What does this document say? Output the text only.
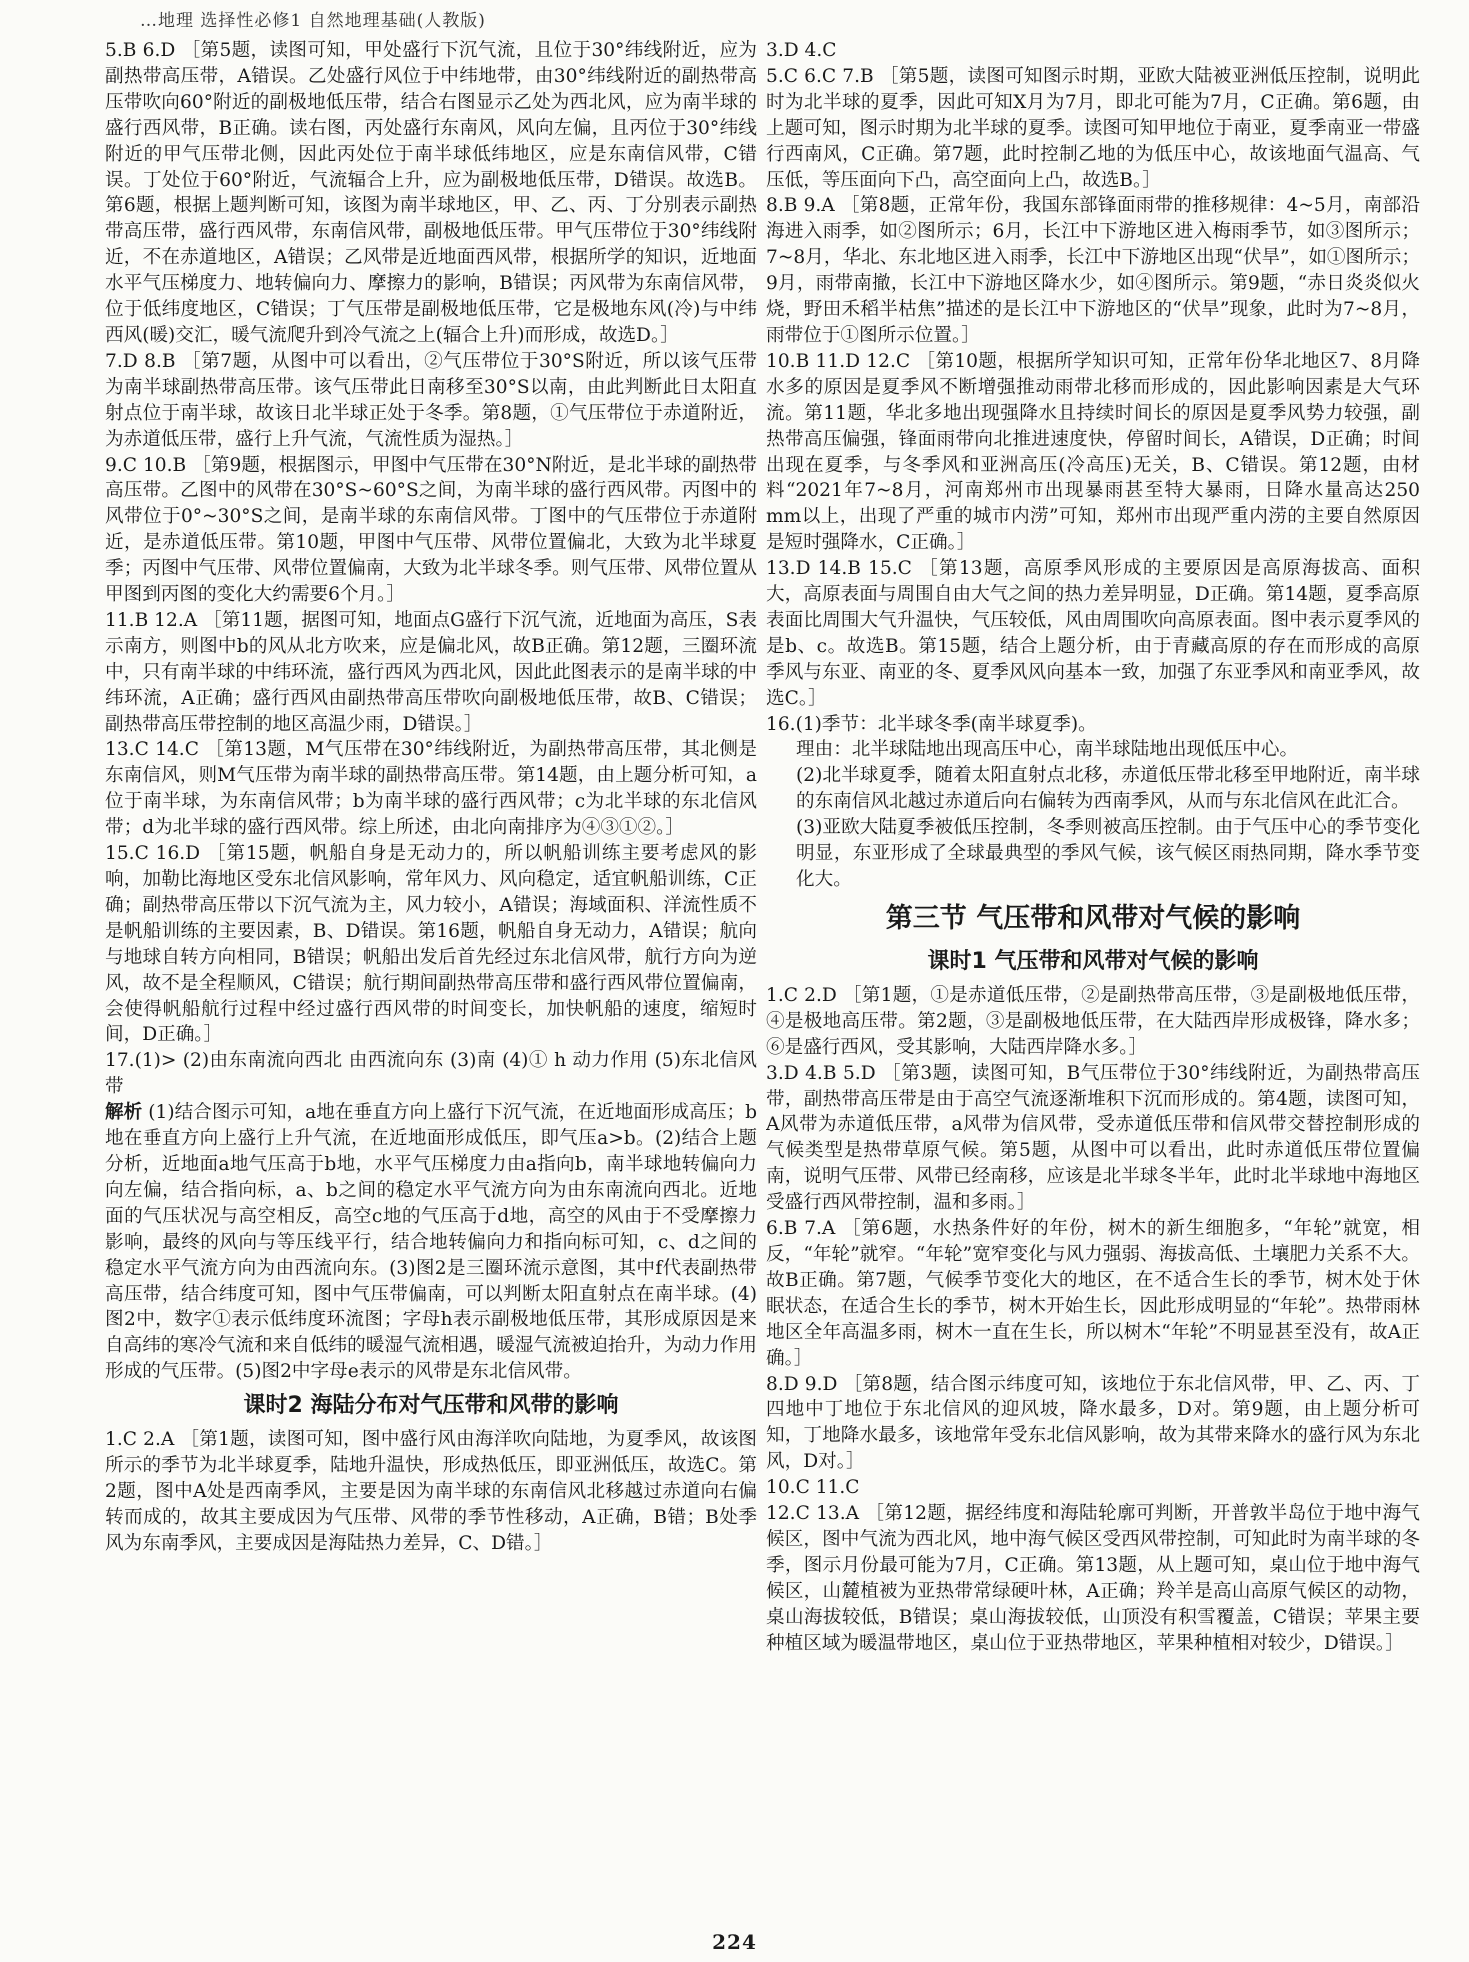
…地理 选择性必修1 自然地理基础(人教版)
5.B 6.D ［第5题，读图可知，甲处盛行下沉气流，且位于30°纬线附近，应为副热带高压带，A错误。乙处盛行风位于中纬地带，由30°纬线附近的副热带高压带吹向60°附近的副极地低压带，结合右图显示乙处为西北风，应为南半球的盛行西风带，B正确。读右图，丙处盛行东南风，风向左偏，且丙位于30°纬线附近的甲气压带北侧，因此丙处位于南半球低纬地区，应是东南信风带，C错误。丁处位于60°附近，气流辐合上升，应为副极地低压带，D错误。故选B。第6题，根据上题判断可知，该图为南半球地区，甲、乙、丙、丁分别表示副热带高压带，盛行西风带，东南信风带，副极地低压带。甲气压带位于30°纬线附近，不在赤道地区，A错误；乙风带是近地面西风带，根据所学的知识，近地面水平气压梯度力、地转偏向力、摩擦力的影响，B错误；丙风带为东南信风带，位于低纬度地区，C错误；丁气压带是副极地低压带，它是极地东风(冷)与中纬西风(暖)交汇，暖气流爬升到冷气流之上(辐合上升)而形成，故选D。］
7.D 8.B ［第7题，从图中可以看出，②气压带位于30°S附近，所以该气压带为南半球副热带高压带。该气压带此日南移至30°S以南，由此判断此日太阳直射点位于南半球，故该日北半球正处于冬季。第8题，①气压带位于赤道附近，为赤道低压带，盛行上升气流，气流性质为湿热。］
9.C 10.B ［第9题，根据图示，甲图中气压带在30°N附近，是北半球的副热带高压带。乙图中的风带在30°S~60°S之间，为南半球的盛行西风带。丙图中的风带位于0°~30°S之间，是南半球的东南信风带。丁图中的气压带位于赤道附近，是赤道低压带。第10题，甲图中气压带、风带位置偏北，大致为北半球夏季；丙图中气压带、风带位置偏南，大致为北半球冬季。则气压带、风带位置从甲图到丙图的变化大约需要6个月。］
11.B 12.A ［第11题，据图可知，地面点G盛行下沉气流，近地面为高压，S表示南方，则图中b的风从北方吹来，应是偏北风，故B正确。第12题，三圈环流中，只有南半球的中纬环流，盛行西风为西北风，因此此图表示的是南半球的中纬环流，A正确；盛行西风由副热带高压带吹向副极地低压带，故B、C错误；副热带高压带控制的地区高温少雨，D错误。］
13.C 14.C ［第13题，M气压带在30°纬线附近，为副热带高压带，其北侧是东南信风，则M气压带为南半球的副热带高压带。第14题，由上题分析可知，a位于南半球，为东南信风带；b为南半球的盛行西风带；c为北半球的东北信风带；d为北半球的盛行西风带。综上所述，由北向南排序为④③①②。］
15.C 16.D ［第15题，帆船自身是无动力的，所以帆船训练主要考虑风的影响，加勒比海地区受东北信风影响，常年风力、风向稳定，适宜帆船训练，C正确；副热带高压带以下沉气流为主，风力较小，A错误；海域面积、洋流性质不是帆船训练的主要因素，B、D错误。第16题，帆船自身无动力，A错误；航向与地球自转方向相同，B错误；帆船出发后首先经过东北信风带，航行方向为逆风，故不是全程顺风，C错误；航行期间副热带高压带和盛行西风带位置偏南，会使得帆船航行过程中经过盛行西风带的时间变长，加快帆船的速度，缩短时间，D正确。］
17.(1)> (2)由东南流向西北 由西流向东 (3)南 (4)① h 动力作用 (5)东北信风带
解析 (1)结合图示可知，a地在垂直方向上盛行下沉气流，在近地面形成高压；b地在垂直方向上盛行上升气流，在近地面形成低压，即气压a>b。(2)结合上题分析，近地面a地气压高于b地，水平气压梯度力由a指向b，南半球地转偏向力向左偏，结合指向标，a、b之间的稳定水平气流方向为由东南流向西北。近地面的气压状况与高空相反，高空c地的气压高于d地，高空的风由于不受摩擦力影响，最终的风向与等压线平行，结合地转偏向力和指向标可知，c、d之间的稳定水平气流方向为由西流向东。(3)图2是三圈环流示意图，其中f代表副热带高压带，结合纬度可知，图中气压带偏南，可以判断太阳直射点在南半球。(4)图2中，数字①表示低纬度环流图；字母h表示副极地低压带，其形成原因是来自高纬的寒冷气流和来自低纬的暖湿气流相遇，暖湿气流被迫抬升，为动力作用形成的气压带。(5)图2中字母e表示的风带是东北信风带。
课时2 海陆分布对气压带和风带的影响
1.C 2.A ［第1题，读图可知，图中盛行风由海洋吹向陆地，为夏季风，故该图所示的季节为北半球夏季，陆地升温快，形成热低压，即亚洲低压，故选C。第2题，图中A处是西南季风，主要是因为南半球的东南信风北移越过赤道向右偏转而成的，故其主要成因为气压带、风带的季节性移动，A正确，B错；B处季风为东南季风，主要成因是海陆热力差异，C、D错。］
3.D 4.C
5.C 6.C 7.B ［第5题，读图可知图示时期，亚欧大陆被亚洲低压控制，说明此时为北半球的夏季，因此可知X月为7月，即北可能为7月，C正确。第6题，由上题可知，图示时期为北半球的夏季。读图可知甲地位于南亚，夏季南亚一带盛行西南风，C正确。第7题，此时控制乙地的为低压中心，故该地面气温高、气压低，等压面向下凸，高空面向上凸，故选B。］
8.B 9.A ［第8题，正常年份，我国东部锋面雨带的推移规律：4~5月，南部沿海进入雨季，如②图所示；6月，长江中下游地区进入梅雨季节，如③图所示；7~8月，华北、东北地区进入雨季，长江中下游地区出现“伏旱”，如①图所示；9月，雨带南撤，长江中下游地区降水少，如④图所示。第9题，“赤日炎炎似火烧，野田禾稻半枯焦”描述的是长江中下游地区的“伏旱”现象，此时为7~8月，雨带位于①图所示位置。］
10.B 11.D 12.C ［第10题，根据所学知识可知，正常年份华北地区7、8月降水多的原因是夏季风不断增强推动雨带北移而形成的，因此影响因素是大气环流。第11题，华北多地出现强降水且持续时间长的原因是夏季风势力较强，副热带高压偏强，锋面雨带向北推进速度快，停留时间长，A错误，D正确；时间出现在夏季，与冬季风和亚洲高压(冷高压)无关，B、C错误。第12题，由材料“2021年7~8月，河南郑州市出现暴雨甚至特大暴雨，日降水量高达250 mm以上，出现了严重的城市内涝”可知，郑州市出现严重内涝的主要自然原因是短时强降水，C正确。］
13.D 14.B 15.C ［第13题，高原季风形成的主要原因是高原海拔高、面积大，高原表面与周围自由大气之间的热力差异明显，D正确。第14题，夏季高原表面比周围大气升温快，气压较低，风由周围吹向高原表面。图中表示夏季风的是b、c。故选B。第15题，结合上题分析，由于青藏高原的存在而形成的高原季风与东亚、南亚的冬、夏季风风向基本一致，加强了东亚季风和南亚季风，故选C。］
16.(1)季节：北半球冬季(南半球夏季)。
理由：北半球陆地出现高压中心，南半球陆地出现低压中心。
(2)北半球夏季，随着太阳直射点北移，赤道低压带北移至甲地附近，南半球的东南信风北越过赤道后向右偏转为西南季风，从而与东北信风在此汇合。
(3)亚欧大陆夏季被低压控制，冬季则被高压控制。由于气压中心的季节变化明显，东亚形成了全球最典型的季风气候，该气候区雨热同期，降水季节变化大。
第三节 气压带和风带对气候的影响
课时1 气压带和风带对气候的影响
1.C 2.D ［第1题，①是赤道低压带，②是副热带高压带，③是副极地低压带，④是极地高压带。第2题，③是副极地低压带，在大陆西岸形成极锋，降水多；⑥是盛行西风，受其影响，大陆西岸降水多。］
3.D 4.B 5.D ［第3题，读图可知，B气压带位于30°纬线附近，为副热带高压带，副热带高压带是由于高空气流逐渐堆积下沉而形成的。第4题，读图可知，A风带为赤道低压带，a风带为信风带，受赤道低压带和信风带交替控制形成的气候类型是热带草原气候。第5题，从图中可以看出，此时赤道低压带位置偏南，说明气压带、风带已经南移，应该是北半球冬半年，此时北半球地中海地区受盛行西风带控制，温和多雨。］
6.B 7.A ［第6题，水热条件好的年份，树木的新生细胞多，“年轮”就宽，相反，“年轮”就窄。“年轮”宽窄变化与风力强弱、海拔高低、土壤肥力关系不大。故B正确。第7题，气候季节变化大的地区，在不适合生长的季节，树木处于休眠状态，在适合生长的季节，树木开始生长，因此形成明显的“年轮”。热带雨林地区全年高温多雨，树木一直在生长，所以树木“年轮”不明显甚至没有，故A正确。］
8.D 9.D ［第8题，结合图示纬度可知，该地位于东北信风带，甲、乙、丙、丁四地中丁地位于东北信风的迎风坡，降水最多，D对。第9题，由上题分析可知，丁地降水最多，该地常年受东北信风影响，故为其带来降水的盛行风为东北风，D对。］
10.C 11.C
12.C 13.A ［第12题，据经纬度和海陆轮廓可判断，开普敦半岛位于地中海气候区，图中气流为西北风，地中海气候区受西风带控制，可知此时为南半球的冬季，图示月份最可能为7月，C正确。第13题，从上题可知，桌山位于地中海气候区，山麓植被为亚热带常绿硬叶林，A正确；羚羊是高山高原气候区的动物，桌山海拔较低，B错误；桌山海拔较低，山顶没有积雪覆盖，C错误；苹果主要种植区域为暖温带地区，桌山位于亚热带地区，苹果种植相对较少，D错误。］
224
